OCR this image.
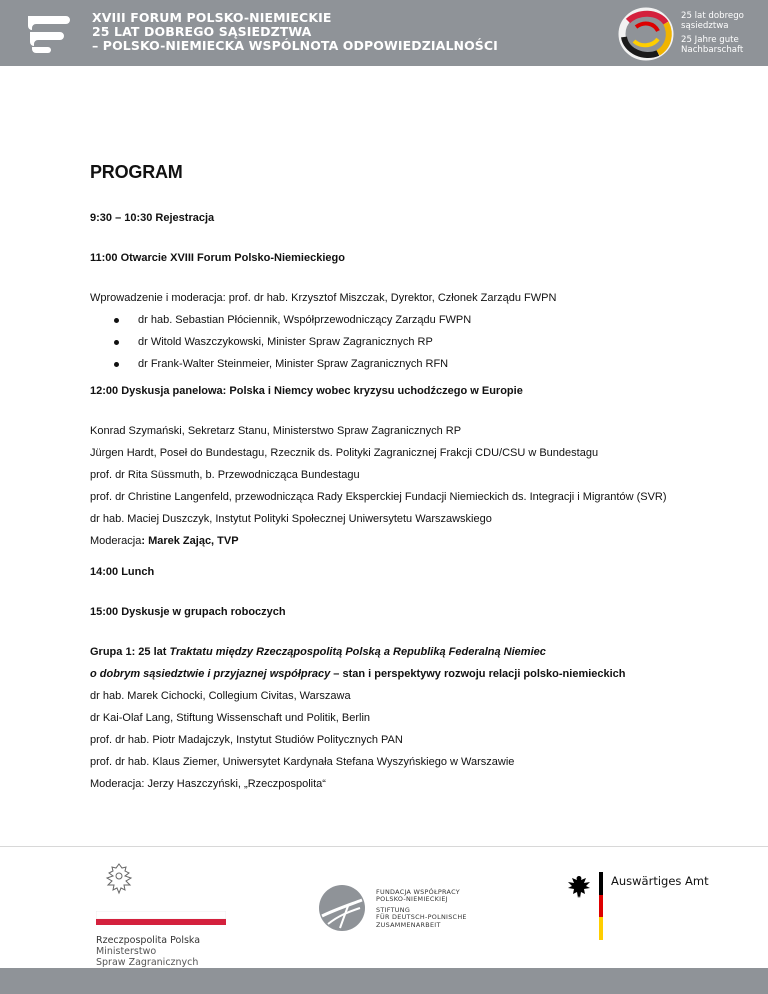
XVIII FORUM POLSKO-NIEMIECKIE
25 LAT DOBREGO SĄSIEDZTWA
– POLSKO-NIEMIECKA WSPÓLNOTA ODPOWIEDZIALNOŚCI
25 lat dobrego
sąsiedztwa
25 Jahre gute
Nachbarschaft
PROGRAM
9:30 – 10:30 Rejestracja
11:00 Otwarcie XVIII Forum Polsko-Niemieckiego
Wprowadzenie i moderacja: prof. dr hab. Krzysztof Miszczak, Dyrektor, Członek Zarządu FWPN
dr hab. Sebastian Płóciennik, Współprzewodniczący Zarządu FWPN
dr Witold Waszczykowski, Minister Spraw Zagranicznych RP
dr Frank-Walter Steinmeier, Minister Spraw Zagranicznych RFN
12:00 Dyskusja panelowa: Polska i Niemcy wobec kryzysu uchodźczego w Europie
Konrad Szymański, Sekretarz Stanu, Ministerstwo Spraw Zagranicznych RP
Jürgen Hardt, Poseł do Bundestagu, Rzecznik ds. Polityki Zagranicznej Frakcji CDU/CSU w Bundestagu
prof. dr Rita Süssmuth, b. Przewodnicząca Bundestagu
prof. dr Christine Langenfeld, przewodnicząca Rady Eksperckiej Fundacji Niemieckich ds. Integracji i Migrantów (SVR)
dr hab. Maciej Duszczyk, Instytut Polityki Społecznej Uniwersytetu Warszawskiego
Moderacja: Marek Zając, TVP
14:00 Lunch
15:00 Dyskusje w grupach roboczych
Grupa 1: 25 lat Traktatu między Rzecząpospolitą Polską a Republiką Federalną Niemiec
o dobrym sąsiedztwie i przyjaznej współpracy – stan i perspektywy rozwoju relacji polsko-niemieckich
dr hab. Marek Cichocki, Collegium Civitas, Warszawa
dr Kai-Olaf Lang, Stiftung Wissenschaft und Politik, Berlin
prof. dr hab. Piotr Madajczyk, Instytut Studiów Politycznych PAN
prof. dr hab. Klaus Ziemer, Uniwersytet Kardynała Stefana Wyszyńskiego w Warszawie
Moderacja: Jerzy Haszczyński, „Rzeczpospolita“

Rzeczpospolita Polska
Ministerstwo
Spraw Zagranicznych
FUNDACJA WSPÓŁPRACY
POLSKO-NIEMIECKIEJ
STIFTUNG
FÜR DEUTSCH-POLNISCHE
ZUSAMMENARBEIT
Auswärtiges Amt
